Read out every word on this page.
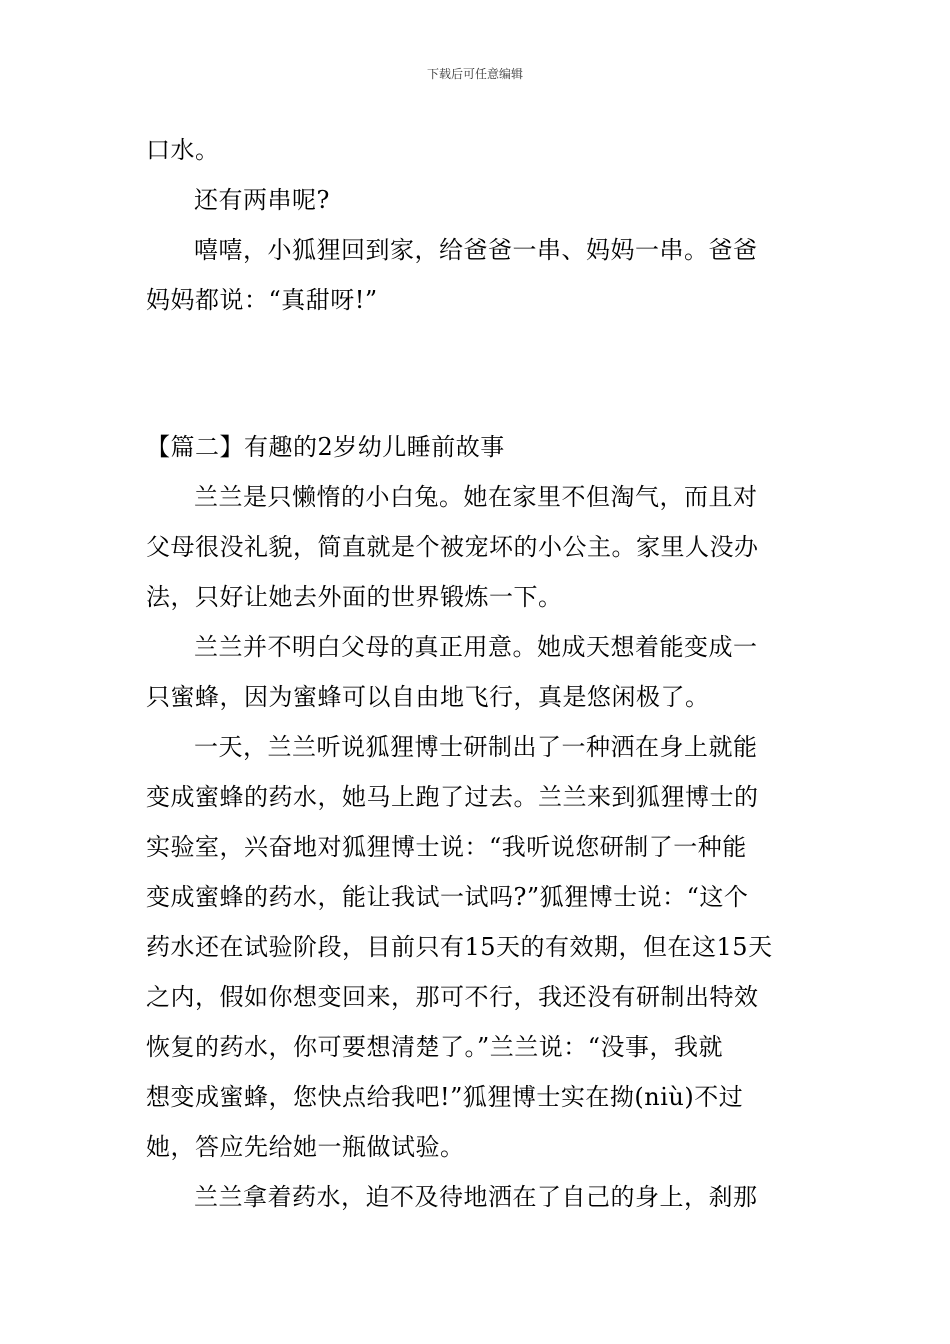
下载后可任意编辑
口水。
还有两串呢?
嘻嘻，小狐狸回到家，给爸爸一串、妈妈一串。爸爸
妈妈都说：“真甜呀!”
【篇二】有趣的2岁幼儿睡前故事
兰兰是只懒惰的小白兔。她在家里不但淘气，而且对
父母很没礼貌，简直就是个被宠坏的小公主。家里人没办
法，只好让她去外面的世界锻炼一下。
兰兰并不明白父母的真正用意。她成天想着能变成一
只蜜蜂，因为蜜蜂可以自由地飞行，真是悠闲极了。
一天，兰兰听说狐狸博士研制出了一种洒在身上就能
变成蜜蜂的药水，她马上跑了过去。兰兰来到狐狸博士的
实验室，兴奋地对狐狸博士说：“我听说您研制了一种能
变成蜜蜂的药水，能让我试一试吗?”狐狸博士说：“这个
药水还在试验阶段，目前只有15天的有效期，但在这15天
之内，假如你想变回来，那可不行，我还没有研制出特效
恢复的药水，你可要想清楚了。”兰兰说：“没事，我就
想变成蜜蜂，您快点给我吧!”狐狸博士实在拗(niù)不过
她，答应先给她一瓶做试验。
兰兰拿着药水，迫不及待地洒在了自己的身上，刹那
